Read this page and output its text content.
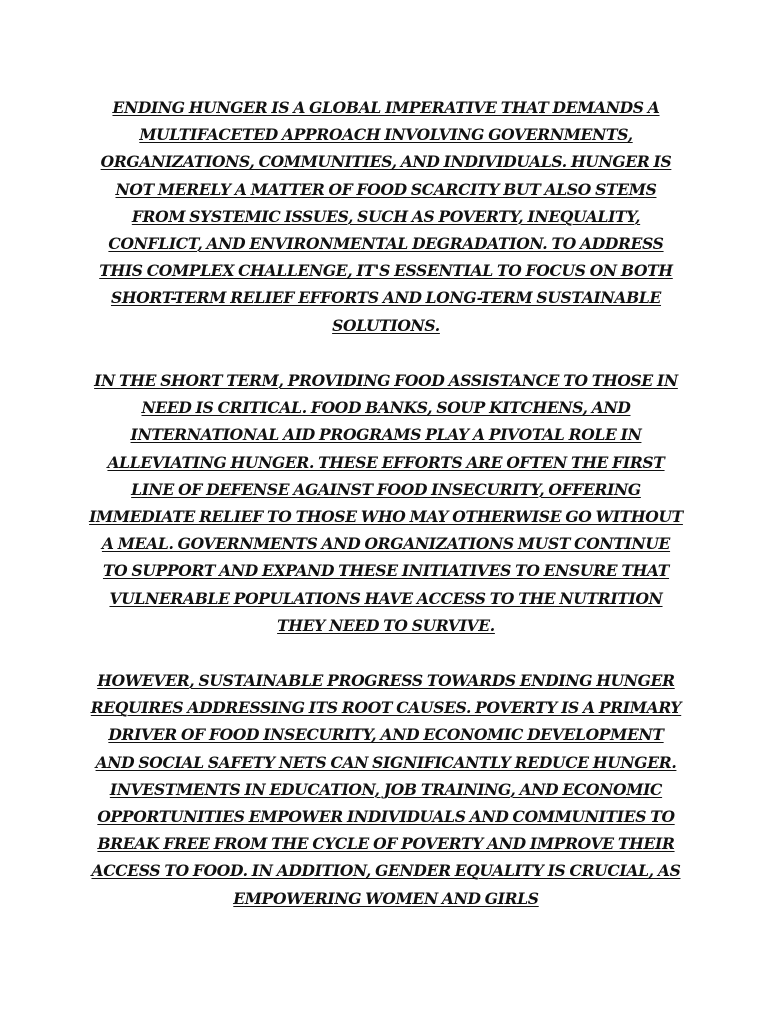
ENDING HUNGER IS A GLOBAL IMPERATIVE THAT DEMANDS A MULTIFACETED APPROACH INVOLVING GOVERNMENTS, ORGANIZATIONS, COMMUNITIES, AND INDIVIDUALS. HUNGER IS NOT MERELY A MATTER OF FOOD SCARCITY BUT ALSO STEMS FROM SYSTEMIC ISSUES, SUCH AS POVERTY, INEQUALITY, CONFLICT, AND ENVIRONMENTAL DEGRADATION. TO ADDRESS THIS COMPLEX CHALLENGE, IT'S ESSENTIAL TO FOCUS ON BOTH SHORT-TERM RELIEF EFFORTS AND LONG-TERM SUSTAINABLE SOLUTIONS.

IN THE SHORT TERM, PROVIDING FOOD ASSISTANCE TO THOSE IN NEED IS CRITICAL. FOOD BANKS, SOUP KITCHENS, AND INTERNATIONAL AID PROGRAMS PLAY A PIVOTAL ROLE IN ALLEVIATING HUNGER. THESE EFFORTS ARE OFTEN THE FIRST LINE OF DEFENSE AGAINST FOOD INSECURITY, OFFERING IMMEDIATE RELIEF TO THOSE WHO MAY OTHERWISE GO WITHOUT A MEAL. GOVERNMENTS AND ORGANIZATIONS MUST CONTINUE TO SUPPORT AND EXPAND THESE INITIATIVES TO ENSURE THAT VULNERABLE POPULATIONS HAVE ACCESS TO THE NUTRITION THEY NEED TO SURVIVE.

HOWEVER, SUSTAINABLE PROGRESS TOWARDS ENDING HUNGER REQUIRES ADDRESSING ITS ROOT CAUSES. POVERTY IS A PRIMARY DRIVER OF FOOD INSECURITY, AND ECONOMIC DEVELOPMENT AND SOCIAL SAFETY NETS CAN SIGNIFICANTLY REDUCE HUNGER. INVESTMENTS IN EDUCATION, JOB TRAINING, AND ECONOMIC OPPORTUNITIES EMPOWER INDIVIDUALS AND COMMUNITIES TO BREAK FREE FROM THE CYCLE OF POVERTY AND IMPROVE THEIR ACCESS TO FOOD. IN ADDITION, GENDER EQUALITY IS CRUCIAL, AS EMPOWERING WOMEN AND GIRLS
